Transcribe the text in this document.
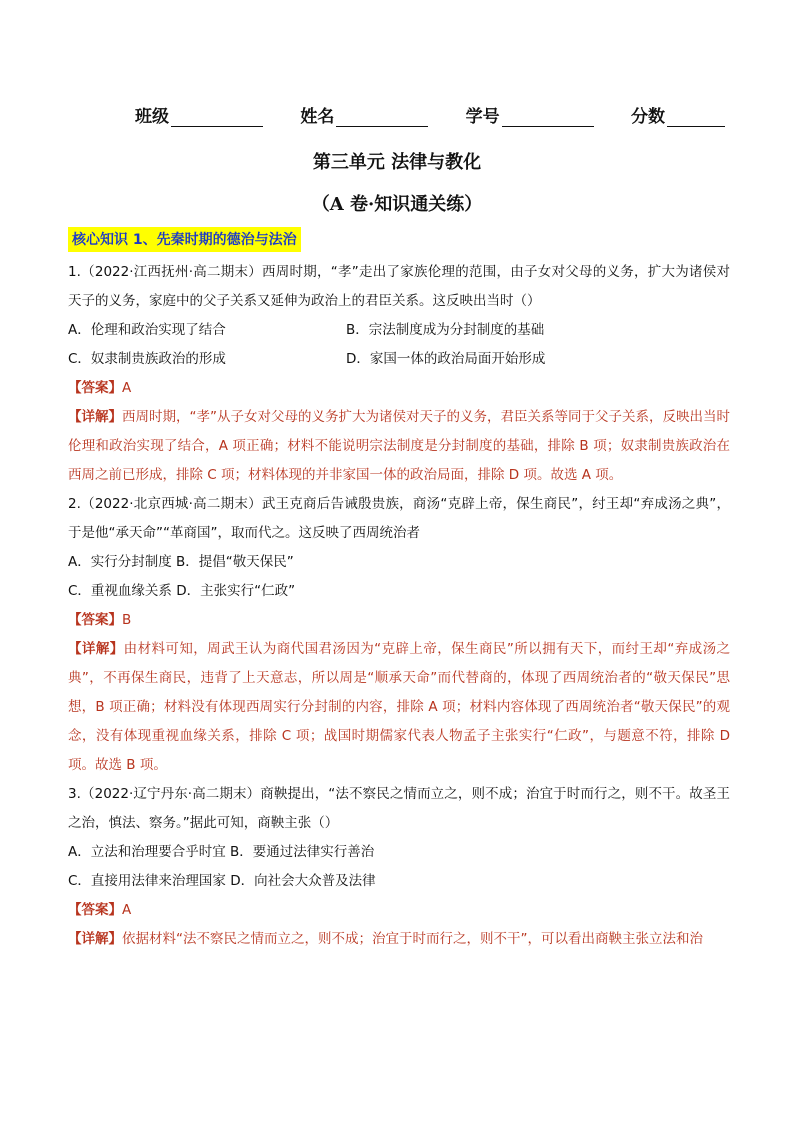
班级	姓名	学号	分数
第三单元 法律与教化
（A 卷·知识通关练）
核心知识 1、先秦时期的德治与法治

1.（2022·江西抚州·高二期末）西周时期，“孝”走出了家族伦理的范围，由子女对父母的义务，扩大为诸侯对天子的义务，家庭中的父子关系又延伸为政治上的君臣关系。这反映出当时（）

A．伦理和政治实现了结合	B．宗法制度成为分封制度的基础
C．奴隶制贵族政治的形成	D．家国一体的政治局面开始形成

【答案】A

【详解】西周时期，“孝”从子女对父母的义务扩大为诸侯对天子的义务，君臣关系等同于父子关系，反映出当时伦理和政治实现了结合，A 项正确；材料不能说明宗法制度是分封制度的基础，排除 B 项；奴隶制贵族政治在西周之前已形成，排除 C 项；材料体现的并非家国一体的政治局面，排除 D 项。故选 A 项。

2.（2022·北京西城·高二期末）武王克商后告诫殷贵族，商汤“克辟上帝，保生商民”，纣王却“弃成汤之典”，于是他“承天命”“革商国”，取而代之。这反映了西周统治者

A．实行分封制度 B．提倡“敬天保民”

C．重视血缘关系 D．主张实行“仁政”

【答案】B

【详解】由材料可知，周武王认为商代国君汤因为“克辟上帝，保生商民”所以拥有天下，而纣王却“弃成汤之典”，不再保生商民，违背了上天意志，所以周是“顺承天命”而代替商的，体现了西周统治者的“敬天保民”思想，B 项正确；材料没有体现西周实行分封制的内容，排除 A 项；材料内容体现了西周统治者“敬天保民”的观念，没有体现重视血缘关系，排除 C 项；战国时期儒家代表人物孟子主张实行“仁政”，与题意不符，排除 D 项。故选 B 项。

3.（2022·辽宁丹东·高二期末）商鞅提出，“法不察民之情而立之，则不成；治宜于时而行之，则不干。故圣王之治，慎法、察务。”据此可知，商鞅主张（）

A．立法和治理要合乎时宜 B．要通过法律实行善治

C．直接用法律来治理国家 D．向社会大众普及法律

【答案】A

【详解】依据材料“法不察民之情而立之，则不成；治宜于时而行之，则不干”，可以看出商鞅主张立法和治
